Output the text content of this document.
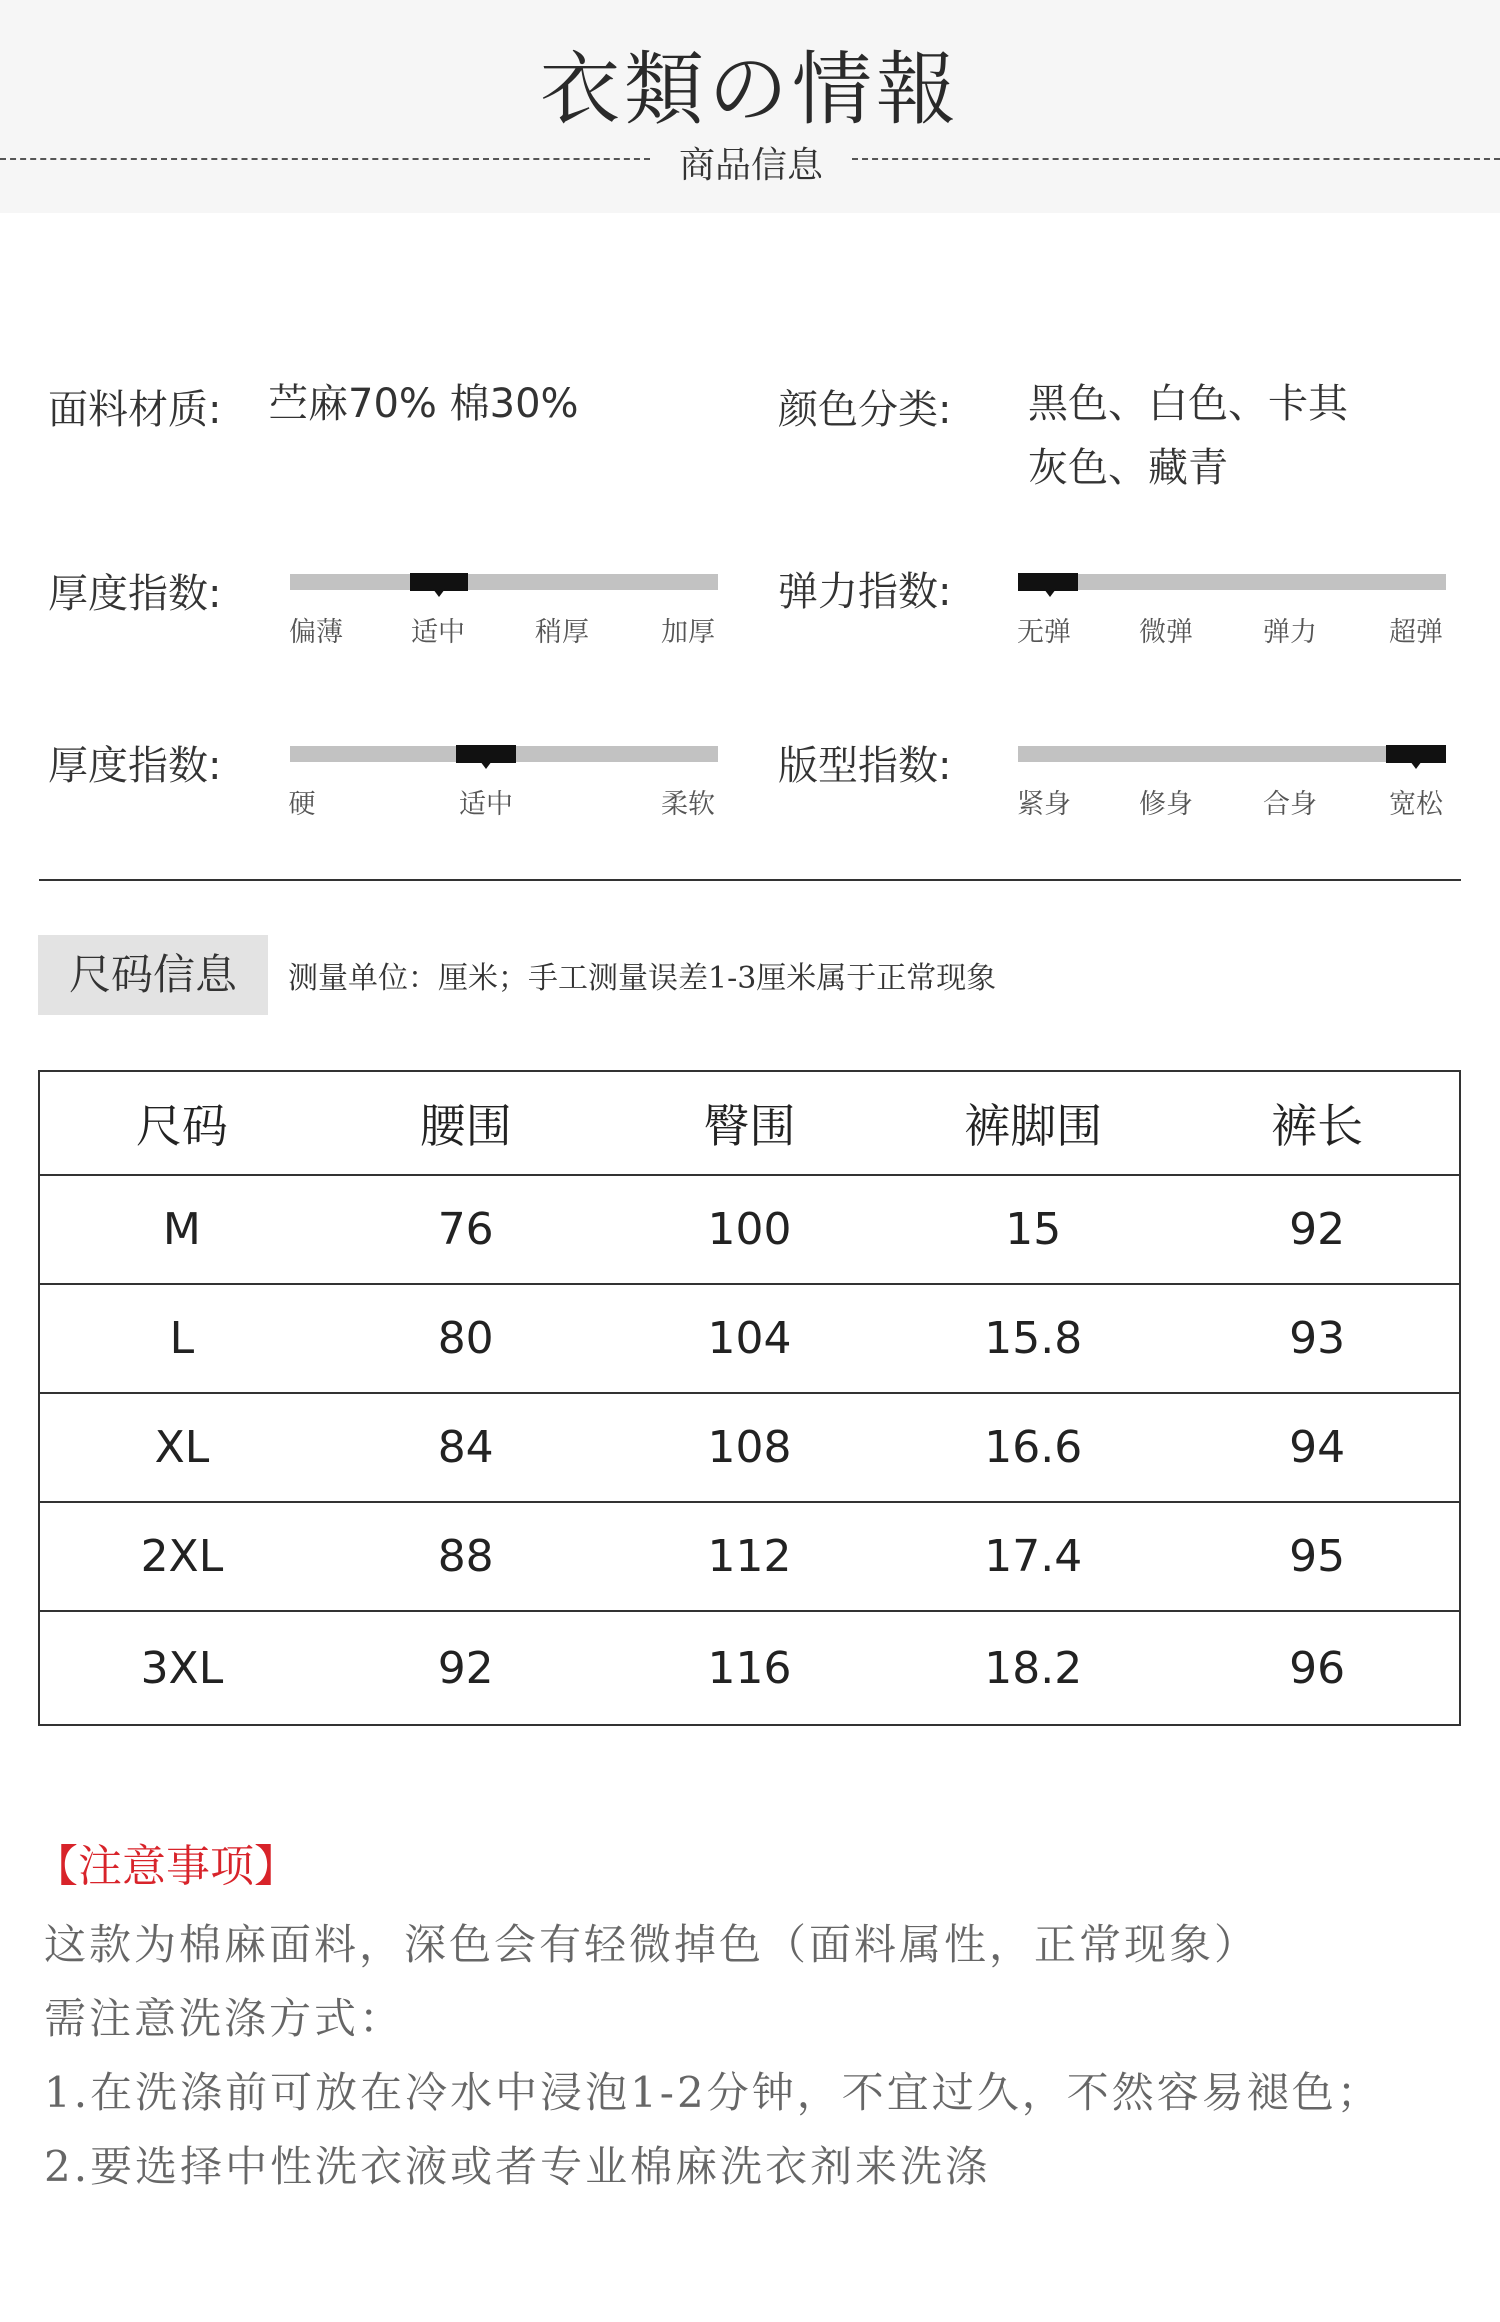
衣類の情報
商品信息
面料材质: 苎麻70% 棉30%	颜色分类: 黑色、白色、卡其
灰色、藏青
厚度指数:
偏薄	适中	稍厚	加厚
弹力指数:
无弹	微弹	弹力	超弹
厚度指数:
硬	适中	柔软
版型指数:
紧身	修身	合身	宽松
尺码信息	测量单位：厘米；手工测量误差1-3厘米属于正常现象
尺码	腰围	臀围	裤脚围	裤长
M	76	100	15	92
L	80	104	15.8	93
XL	84	108	16.6	94
2XL	88	112	17.4	95
3XL	92	116	18.2	96
【注意事项】
这款为棉麻面料，深色会有轻微掉色（面料属性，正常现象）
需注意洗涤方式：
1.在洗涤前可放在冷水中浸泡1-2分钟，不宜过久，不然容易褪色；
2.要选择中性洗衣液或者专业棉麻洗衣剂来洗涤
